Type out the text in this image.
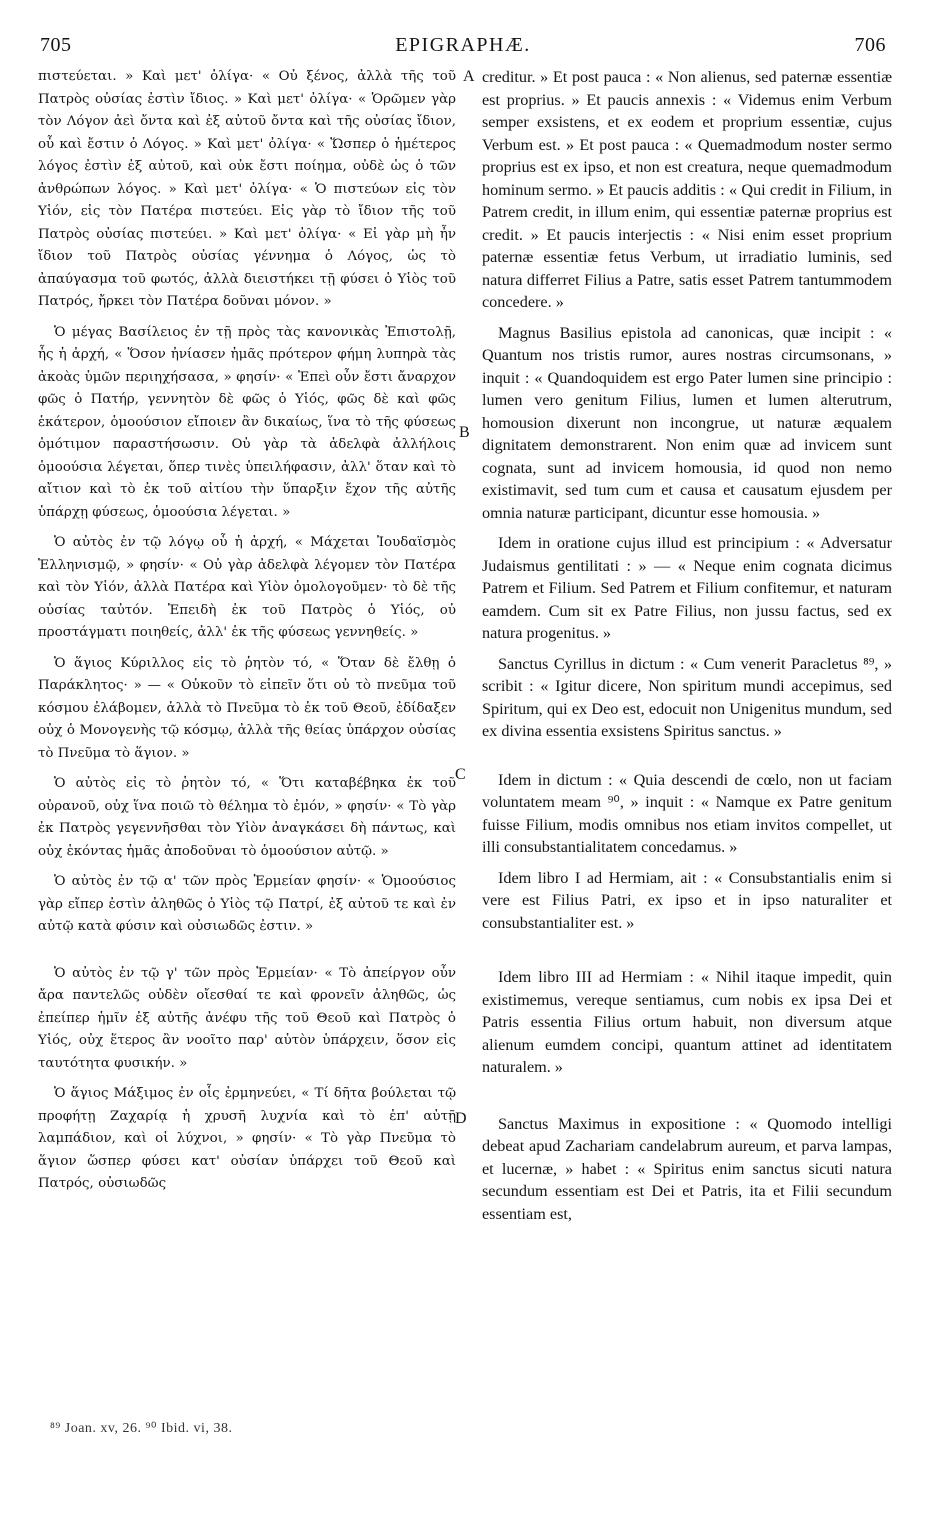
705	EPIGRAPHÆ.	706

πιστεύεται. » Καὶ μετ' ὀλίγα· « Οὐ ξένος, ἀλλὰ τῆς τοῦ Πατρὸς οὐσίας ἐστὶν ἴδιος. » Καὶ μετ' ὀλίγα· « Ὁρῶμεν γὰρ τὸν Λόγον ἀεὶ ὄντα καὶ ἐξ αὐτοῦ ὄντα καὶ τῆς οὐσίας ἴδιον, οὗ καὶ ἔστιν ὁ Λόγος. » Καὶ μετ' ὀλίγα· « Ὥσπερ ὁ ἡμέτερος λόγος ἐστὶν ἐξ αὐτοῦ, καὶ οὐκ ἔστι ποίημα, οὐδὲ ὡς ὁ τῶν ἀνθρώπων λόγος. » Καὶ μετ' ὀλίγα· « Ὁ πιστεύων εἰς τὸν Υἱόν, εἰς τὸν Πατέρα πιστεύει. Εἰς γὰρ τὸ ἴδιον τῆς τοῦ Πατρὸς οὐσίας πιστεύει. » Καὶ μετ' ὀλίγα· « Εἰ γὰρ μὴ ἦν ἴδιον τοῦ Πατρὸς οὐσίας γέννημα ὁ Λόγος, ὡς τὸ ἀπαύγασμα τοῦ φωτός, ἀλλὰ διειστήκει τῇ φύσει ὁ Υἱὸς τοῦ Πατρός, ἤρκει τὸν Πατέρα δοῦναι μόνον. »

Ὁ μέγας Βασίλειος ἐν τῇ πρὸς τὰς κανονικὰς Ἐπιστολῇ, ἧς ἡ ἀρχή, « Ὅσον ἠνίασεν ἡμᾶς πρότερον φήμη λυπηρὰ τὰς ἀκοὰς ὑμῶν περιηχήσασα, » φησίν· « Ἐπεὶ οὖν ἔστι ἄναρχον φῶς ὁ Πατήρ, γεννητὸν δὲ φῶς ὁ Υἱός, φῶς δὲ καὶ φῶς ἑκάτερον, ὁμοούσιον εἴποιεν ἂν δικαίως, ἵνα τὸ τῆς φύσεως ὁμότιμον παραστήσωσιν. Οὐ γὰρ τὰ ἀδελφὰ ἀλλήλοις ὁμοούσια λέγεται, ὅπερ τινὲς ὑπειλήφασιν, ἀλλ' ὅταν καὶ τὸ αἴτιον καὶ τὸ ἐκ τοῦ αἰτίου τὴν ὕπαρξιν ἔχον τῆς αὐτῆς ὑπάρχῃ φύσεως, ὁμοούσια λέγεται. »

Ὁ αὐτὸς ἐν τῷ λόγῳ οὗ ἡ ἀρχή, « Μάχεται Ἰουδαϊσμὸς Ἑλληνισμῷ, » φησίν· « Οὐ γὰρ ἀδελφὰ λέγομεν τὸν Πατέρα καὶ τὸν Υἱόν, ἀλλὰ Πατέρα καὶ Υἱὸν ὁμολογοῦμεν· τὸ δὲ τῆς οὐσίας ταὐτόν. Ἐπειδὴ ἐκ τοῦ Πατρὸς ὁ Υἱός, οὐ προστάγματι ποιηθείς, ἀλλ' ἐκ τῆς φύσεως γεννηθείς. »

Ὁ ἅγιος Κύριλλος εἰς τὸ ῥητὸν τό, « Ὅταν δὲ ἔλθῃ ὁ Παράκλητος· » — « Οὐκοῦν τὸ εἰπεῖν ὅτι οὐ τὸ πνεῦμα τοῦ κόσμου ἐλάβομεν, ἀλλὰ τὸ Πνεῦμα τὸ ἐκ τοῦ Θεοῦ, ἐδίδαξεν οὐχ ὁ Μονογενὴς τῷ κόσμῳ, ἀλλὰ τῆς θείας ὑπάρχον οὐσίας τὸ Πνεῦμα τὸ ἅγιον. »

Ὁ αὐτὸς εἰς τὸ ῥητὸν τό, « Ὅτι καταβέβηκα ἐκ τοῦ οὐρανοῦ, οὐχ ἵνα ποιῶ τὸ θέλημα τὸ ἐμόν, » φησίν· « Τὸ γὰρ ἐκ Πατρὸς γεγεννῆσθαι τὸν Υἱὸν ἀναγκάσει δὴ πάντως, καὶ οὐχ ἑκόντας ἡμᾶς ἀποδοῦναι τὸ ὁμοούσιον αὐτῷ. »

Ὁ αὐτὸς ἐν τῷ α' τῶν πρὸς Ἑρμείαν φησίν· « Ὁμοούσιος γὰρ εἴπερ ἐστὶν ἀληθῶς ὁ Υἱὸς τῷ Πατρί, ἐξ αὐτοῦ τε καὶ ἐν αὐτῷ κατὰ φύσιν καὶ οὐσιωδῶς ἐστιν. »

Ὁ αὐτὸς ἐν τῷ γ' τῶν πρὸς Ἑρμείαν· « Τὸ ἀπείργον οὖν ἄρα παντελῶς οὐδὲν οἴεσθαί τε καὶ φρονεῖν ἀληθῶς, ὡς ἐπείπερ ἡμῖν ἐξ αὐτῆς ἀνέφυ τῆς τοῦ Θεοῦ καὶ Πατρὸς ὁ Υἱός, οὐχ ἕτερος ἂν νοοῖτο παρ' αὐτὸν ὑπάρχειν, ὅσον εἰς ταυτότητα φυσικήν. »

Ὁ ἅγιος Μάξιμος ἐν οἷς ἑρμηνεύει, « Τί δῆτα βούλεται τῷ προφήτῃ Ζαχαρίᾳ ἡ χρυσῆ λυχνία καὶ τὸ ἐπ' αὐτῇ λαμπάδιον, καὶ οἱ λύχνοι, » φησίν· « Τὸ γὰρ Πνεῦμα τὸ ἅγιον ὥσπερ φύσει κατ' οὐσίαν ὑπάρχει τοῦ Θεοῦ καὶ Πατρός, οὐσιωδῶς

A
B
C
D

creditur. » Et post pauca : « Non alienus, sed paternæ essentiæ est proprius. » Et paucis annexis : « Videmus enim Verbum semper exsistens, et ex eodem et proprium essentiæ, cujus Verbum est. » Et post pauca : « Quemadmodum noster sermo proprius est ex ipso, et non est creatura, neque quemadmodum hominum sermo. » Et paucis additis : « Qui credit in Filium, in Patrem credit, in illum enim, qui essentiæ paternæ proprius est credit. » Et paucis interjectis : « Nisi enim esset proprium paternæ essentiæ fetus Verbum, ut irradiatio luminis, sed natura differret Filius a Patre, satis esset Patrem tantummodem concedere. »

Magnus Basilius epistola ad canonicas, quæ incipit : « Quantum nos tristis rumor, aures nostras circumsonans, » inquit : « Quandoquidem est ergo Pater lumen sine principio : lumen vero genitum Filius, lumen et lumen alterutrum, homousion dixerunt non incongrue, ut naturæ æqualem dignitatem demonstrarent. Non enim quæ ad invicem sunt cognata, sunt ad invicem homousia, id quod non nemo existimavit, sed tum cum et causa et causatum ejusdem per omnia naturæ participant, dicuntur esse homousia. »

Idem in oratione cujus illud est principium : « Adversatur Judaismus gentilitati : » — « Neque enim cognata dicimus Patrem et Filium. Sed Patrem et Filium confitemur, et naturam eamdem. Cum sit ex Patre Filius, non jussu factus, sed ex natura progenitus. »

Sanctus Cyrillus in dictum : « Cum venerit Paracletus ⁸⁹, » scribit : « Igitur dicere, Non spiritum mundi accepimus, sed Spiritum, qui ex Deo est, edocuit non Unigenitus mundum, sed ex divina essentia exsistens Spiritus sanctus. »

Idem in dictum : « Quia descendi de cœlo, non ut faciam voluntatem meam ⁹⁰, » inquit : « Namque ex Patre genitum fuisse Filium, modis omnibus nos etiam invitos compellet, ut illi consubstantialitatem concedamus. »

Idem libro I ad Hermiam, ait : « Consubstantialis enim si vere est Filius Patri, ex ipso et in ipso naturaliter et consubstantialiter est. »

Idem libro III ad Hermiam : « Nihil itaque impedit, quin existimemus, vereque sentiamus, cum nobis ex ipsa Dei et Patris essentia Filius ortum habuit, non diversum atque alienum eumdem concipi, quantum attinet ad identitatem naturalem. »

Sanctus Maximus in expositione : « Quomodo intelligi debeat apud Zachariam candelabrum aureum, et parva lampas, et lucernæ, » habet : « Spiritus enim sanctus sicuti natura secundum essentiam est Dei et Patris, ita et Filii secundum essentiam est,

⁸⁹ Joan. xv, 26. ⁹⁰ Ibid. vi, 38.
